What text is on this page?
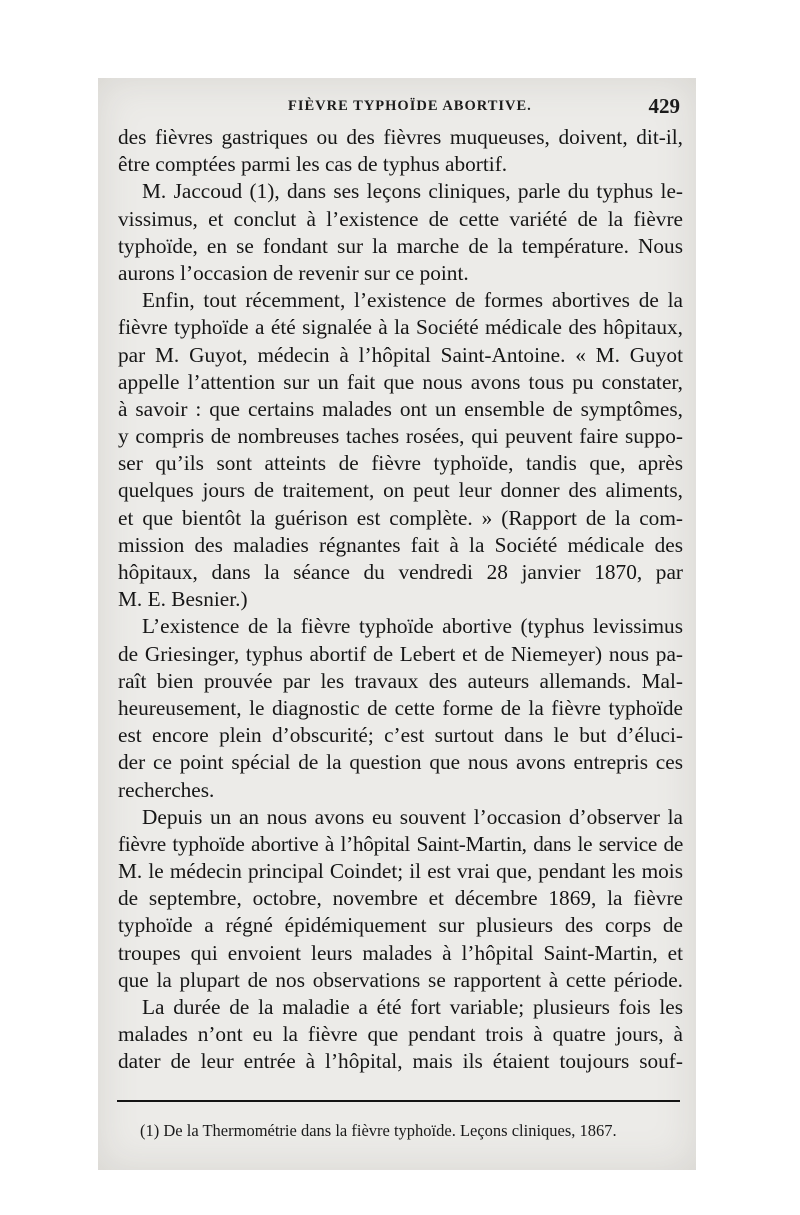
FIÈVRE TYPHOÏDE ABORTIVE.	429
des fièvres gastriques ou des fièvres muqueuses, doivent, dit-il,
être comptées parmi les cas de typhus abortif.
M. Jaccoud (1), dans ses leçons cliniques, parle du typhus le-
vissimus, et conclut à l’existence de cette variété de la fièvre
typhoïde, en se fondant sur la marche de la température. Nous
aurons l’occasion de revenir sur ce point.
Enfin, tout récemment, l’existence de formes abortives de la
fièvre typhoïde a été signalée à la Société médicale des hôpitaux,
par M. Guyot, médecin à l’hôpital Saint-Antoine. « M. Guyot
appelle l’attention sur un fait que nous avons tous pu constater,
à savoir : que certains malades ont un ensemble de symptômes,
y compris de nombreuses taches rosées, qui peuvent faire suppo-
ser qu’ils sont atteints de fièvre typhoïde, tandis que, après
quelques jours de traitement, on peut leur donner des aliments,
et que bientôt la guérison est complète. » (Rapport de la com-
mission des maladies régnantes fait à la Société médicale des
hôpitaux, dans la séance du vendredi 28 janvier 1870, par
M. E. Besnier.)
L’existence de la fièvre typhoïde abortive (typhus levissimus
de Griesinger, typhus abortif de Lebert et de Niemeyer) nous pa-
raît bien prouvée par les travaux des auteurs allemands. Mal-
heureusement, le diagnostic de cette forme de la fièvre typhoïde
est encore plein d’obscurité; c’est surtout dans le but d’éluci-
der ce point spécial de la question que nous avons entrepris ces
recherches.
Depuis un an nous avons eu souvent l’occasion d’observer la
fièvre typhoïde abortive à l’hôpital Saint-Martin, dans le service de
M. le médecin principal Coindet; il est vrai que, pendant les mois
de septembre, octobre, novembre et décembre 1869, la fièvre
typhoïde a régné épidémiquement sur plusieurs des corps de
troupes qui envoient leurs malades à l’hôpital Saint-Martin, et
que la plupart de nos observations se rapportent à cette période.
La durée de la maladie a été fort variable; plusieurs fois les
malades n’ont eu la fièvre que pendant trois à quatre jours, à
dater de leur entrée à l’hôpital, mais ils étaient toujours souf-
(1) De la Thermométrie dans la fièvre typhoïde. Leçons cliniques, 1867.
